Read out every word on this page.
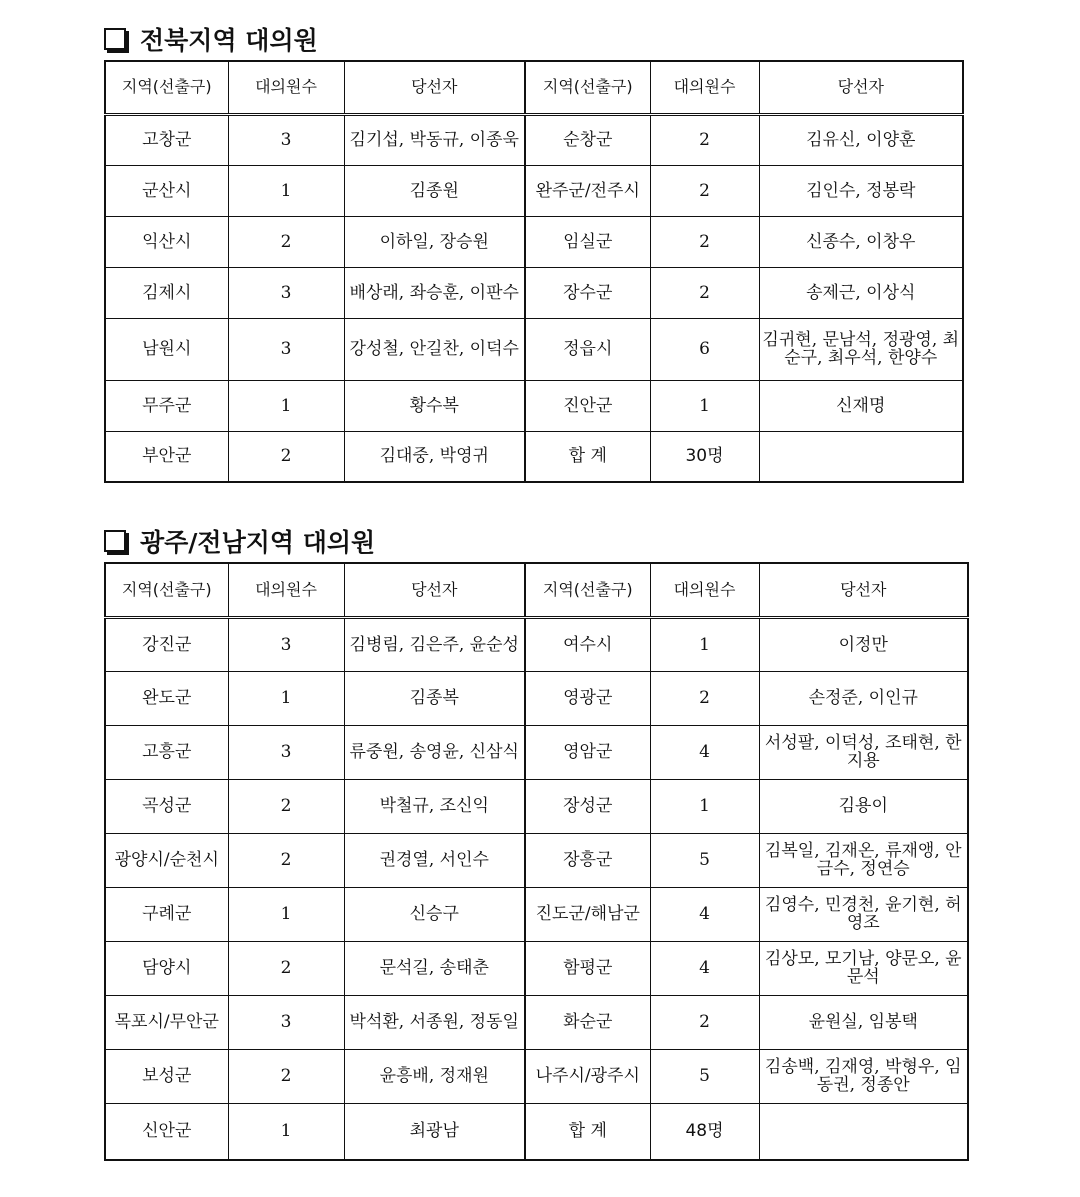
전북지역 대의원
지역(선출구)	대의원수	당선자	지역(선출구)	대의원수	당선자
고창군	3	김기섭, 박동규, 이종욱	순창군	2	김유신, 이양훈
군산시	1	김종원	완주군/전주시	2	김인수, 정봉락
익산시	2	이하일, 장승원	임실군	2	신종수, 이창우
김제시	3	배상래, 좌승훈, 이판수	장수군	2	송제근, 이상식
남원시	3	강성철, 안길찬, 이덕수	정읍시	6	김귀현, 문남석, 정광영, 최순구, 최우석, 한양수
무주군	1	황수복	진안군	1	신재명
부안군	2	김대중, 박영귀	합 계	30명	
광주/전남지역 대의원
지역(선출구)	대의원수	당선자	지역(선출구)	대의원수	당선자
강진군	3	김병림, 김은주, 윤순성	여수시	1	이정만
완도군	1	김종복	영광군	2	손정준, 이인규
고흥군	3	류중원, 송영윤, 신삼식	영암군	4	서성팔, 이덕성, 조태현, 한지용
곡성군	2	박철규, 조신익	장성군	1	김용이
광양시/순천시	2	권경열, 서인수	장흥군	5	김복일, 김재온, 류재앵, 안금수, 정연승
구례군	1	신승구	진도군/해남군	4	김영수, 민경천, 윤기현, 허영조
담양시	2	문석길, 송태춘	함평군	4	김상모, 모기남, 양문오, 윤문석
목포시/무안군	3	박석환, 서종원, 정동일	화순군	2	윤원실, 임봉택
보성군	2	윤흥배, 정재원	나주시/광주시	5	김송백, 김재영, 박형우, 임동권, 정종안
신안군	1	최광남	합 계	48명	
